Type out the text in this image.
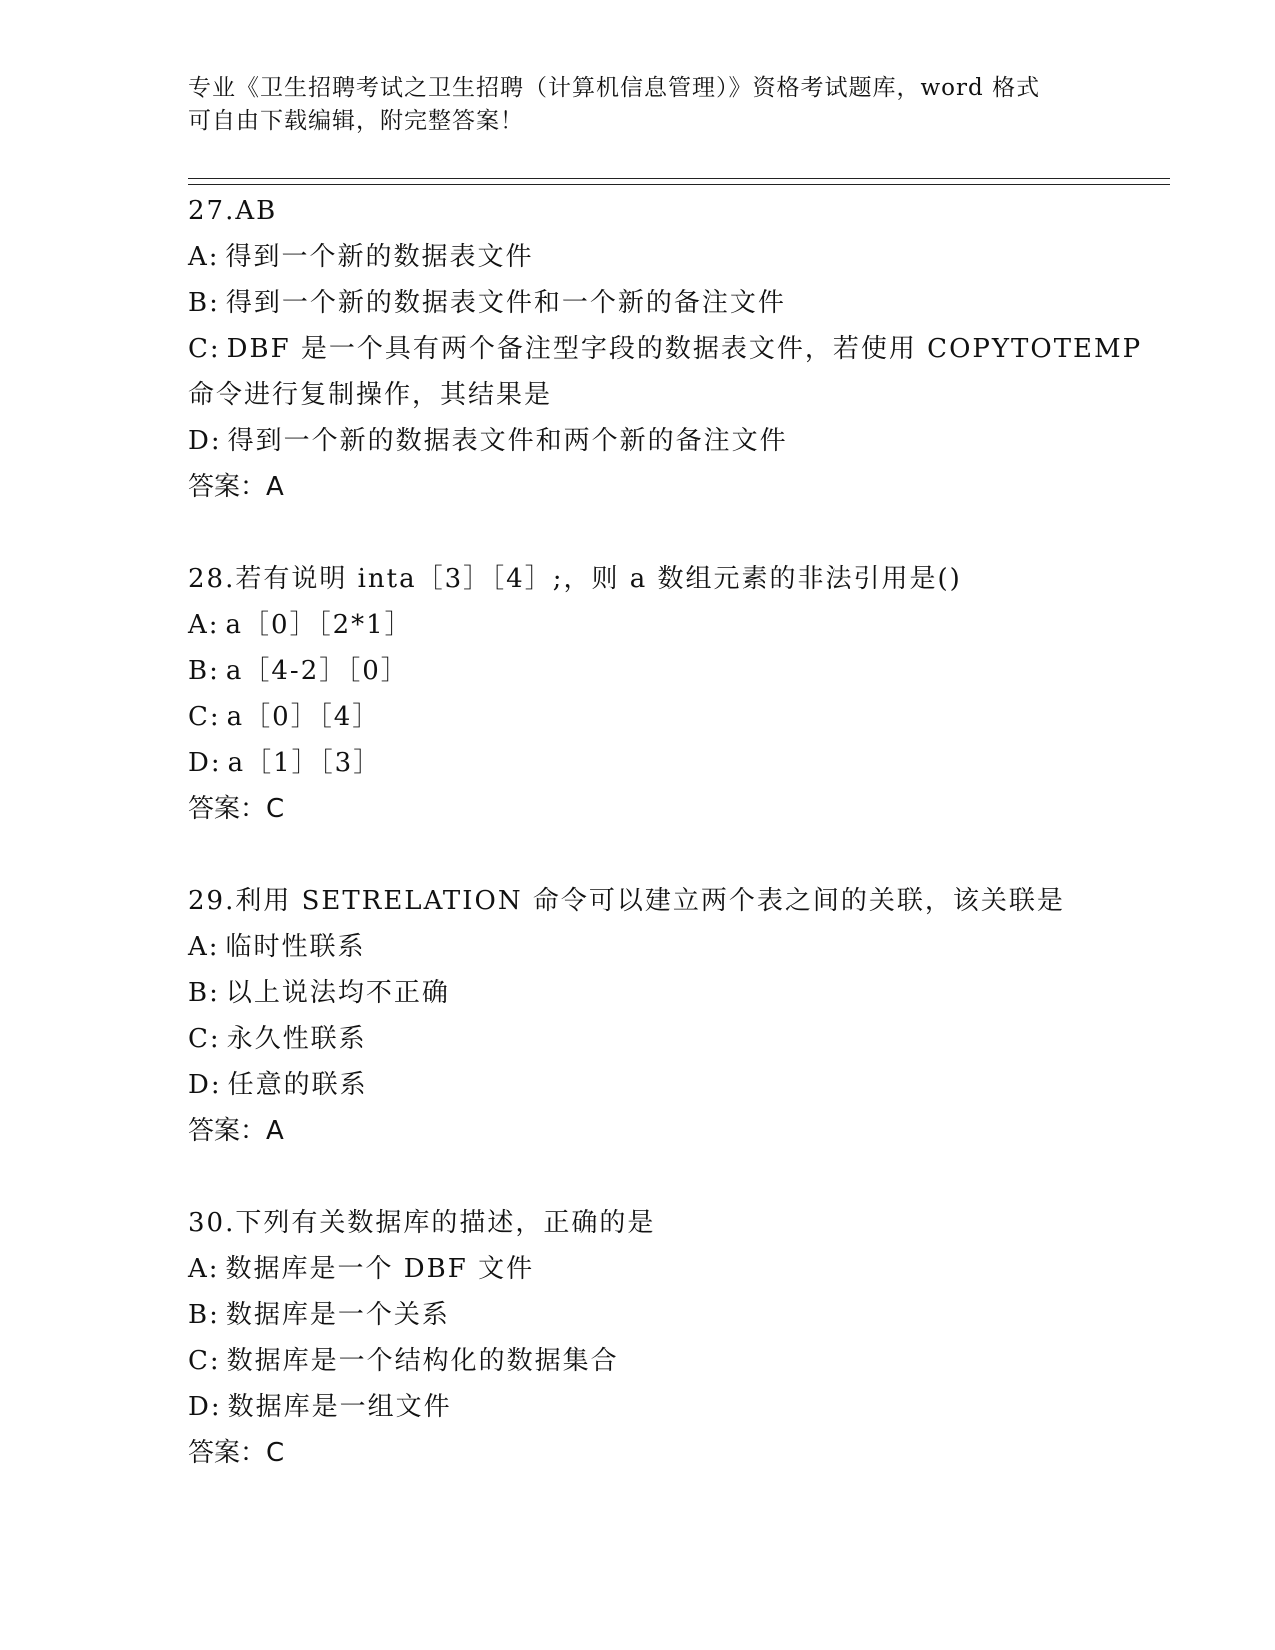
专业《卫生招聘考试之卫生招聘（计算机信息管理）》资格考试题库，word 格式

可自由下载编辑，附完整答案！

27.AB

A: 得到一个新的数据表文件

B: 得到一个新的数据表文件和一个新的备注文件

C: DBF 是一个具有两个备注型字段的数据表文件，若使用 COPYTOTEMP

命令进行复制操作，其结果是

D: 得到一个新的数据表文件和两个新的备注文件

答案：A

28.若有说明 inta［3］［4］;，则 a 数组元素的非法引用是()

A: a［0］［2*1］

B: a［4-2］［0］

C: a［0］［4］

D: a［1］［3］

答案：C

29.利用 SETRELATION 命令可以建立两个表之间的关联，该关联是

A: 临时性联系

B: 以上说法均不正确

C: 永久性联系

D: 任意的联系

答案：A

30.下列有关数据库的描述，正确的是

A: 数据库是一个 DBF 文件

B: 数据库是一个关系

C: 数据库是一个结构化的数据集合

D: 数据库是一组文件

答案：C
